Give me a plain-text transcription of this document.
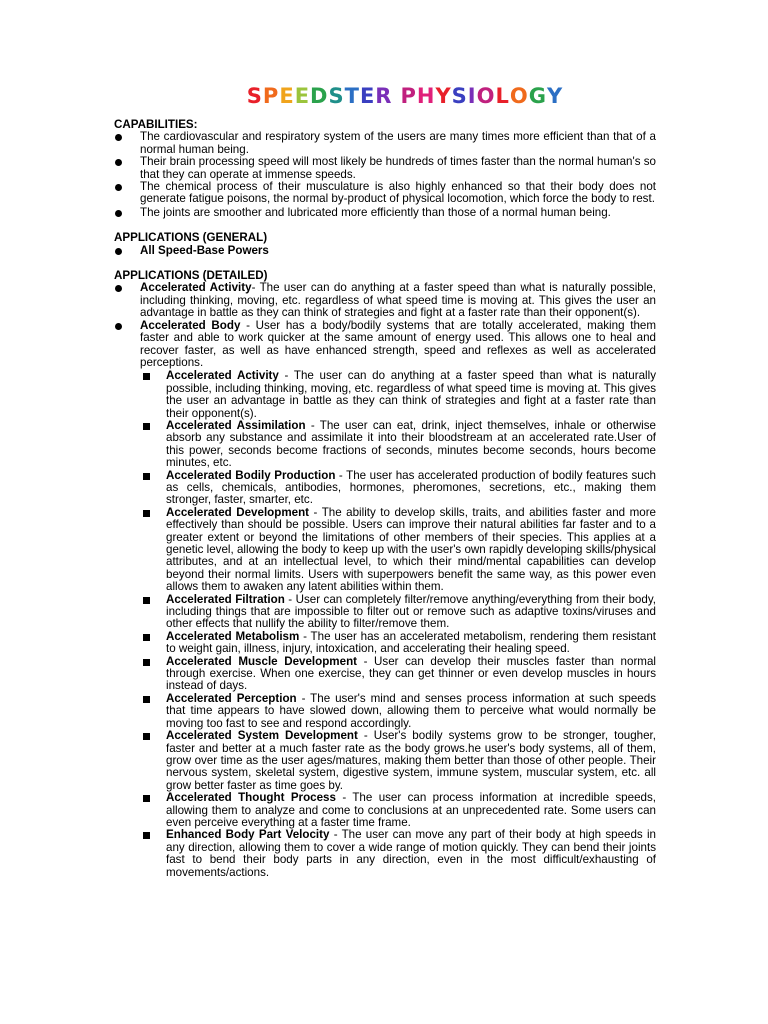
SPEEDSTER PHYSIOLOGY

CAPABILITIES:

The cardiovascular and respiratory system of the users are many times more efficient than that of a normal human being.
Their brain processing speed will most likely be hundreds of times faster than the normal human's so that they can operate at immense speeds.
The chemical process of their musculature is also highly enhanced so that their body does not generate fatigue poisons, the normal by-product of physical locomotion, which force the body to rest.
The joints are smoother and lubricated more efficiently than those of a normal human being.

APPLICATIONS (GENERAL)

All Speed-Base Powers

APPLICATIONS (DETAILED)

Accelerated Activity- The user can do anything at a faster speed than what is naturally possible, including thinking, moving, etc. regardless of what speed time is moving at. This gives the user an advantage in battle as they can think of strategies and fight at a faster rate than their opponent(s).
Accelerated Body - User has a body/bodily systems that are totally accelerated, making them faster and able to work quicker at the same amount of energy used. This allows one to heal and recover faster, as well as have enhanced strength, speed and reflexes as well as accelerated perceptions.
Accelerated Activity - The user can do anything at a faster speed than what is naturally possible, including thinking, moving, etc. regardless of what speed time is moving at. This gives the user an advantage in battle as they can think of strategies and fight at a faster rate than their opponent(s).
Accelerated Assimilation - The user can eat, drink, inject themselves, inhale or otherwise absorb any substance and assimilate it into their bloodstream at an accelerated rate.User of this power, seconds become fractions of seconds, minutes become seconds, hours become minutes, etc.
Accelerated Bodily Production - The user has accelerated production of bodily features such as cells, chemicals, antibodies, hormones, pheromones, secretions, etc., making them stronger, faster, smarter, etc.
Accelerated Development - The ability to develop skills, traits, and abilities faster and more effectively than should be possible. Users can improve their natural abilities far faster and to a greater extent or beyond the limitations of other members of their species. This applies at a genetic level, allowing the body to keep up with the user's own rapidly developing skills/physical attributes, and at an intellectual level, to which their mind/mental capabilities can develop beyond their normal limits. Users with superpowers benefit the same way, as this power even allows them to awaken any latent abilities within them.
Accelerated Filtration - User can completely filter/remove anything/everything from their body, including things that are impossible to filter out or remove such as adaptive toxins/viruses and other effects that nullify the ability to filter/remove them.
Accelerated Metabolism - The user has an accelerated metabolism, rendering them resistant to weight gain, illness, injury, intoxication, and accelerating their healing speed.
Accelerated Muscle Development - User can develop their muscles faster than normal through exercise. When one exercise, they can get thinner or even develop muscles in hours instead of days.
Accelerated Perception - The user's mind and senses process information at such speeds that time appears to have slowed down, allowing them to perceive what would normally be moving too fast to see and respond accordingly.
Accelerated System Development - User's bodily systems grow to be stronger, tougher, faster and better at a much faster rate as the body grows.he user's body systems, all of them, grow over time as the user ages/matures, making them better than those of other people. Their nervous system, skeletal system, digestive system, immune system, muscular system, etc. all grow better faster as time goes by.
Accelerated Thought Process - The user can process information at incredible speeds, allowing them to analyze and come to conclusions at an unprecedented rate. Some users can even perceive everything at a faster time frame.
Enhanced Body Part Velocity - The user can move any part of their body at high speeds in any direction, allowing them to cover a wide range of motion quickly. They can bend their joints fast to bend their body parts in any direction, even in the most difficult/exhausting of movements/actions.
